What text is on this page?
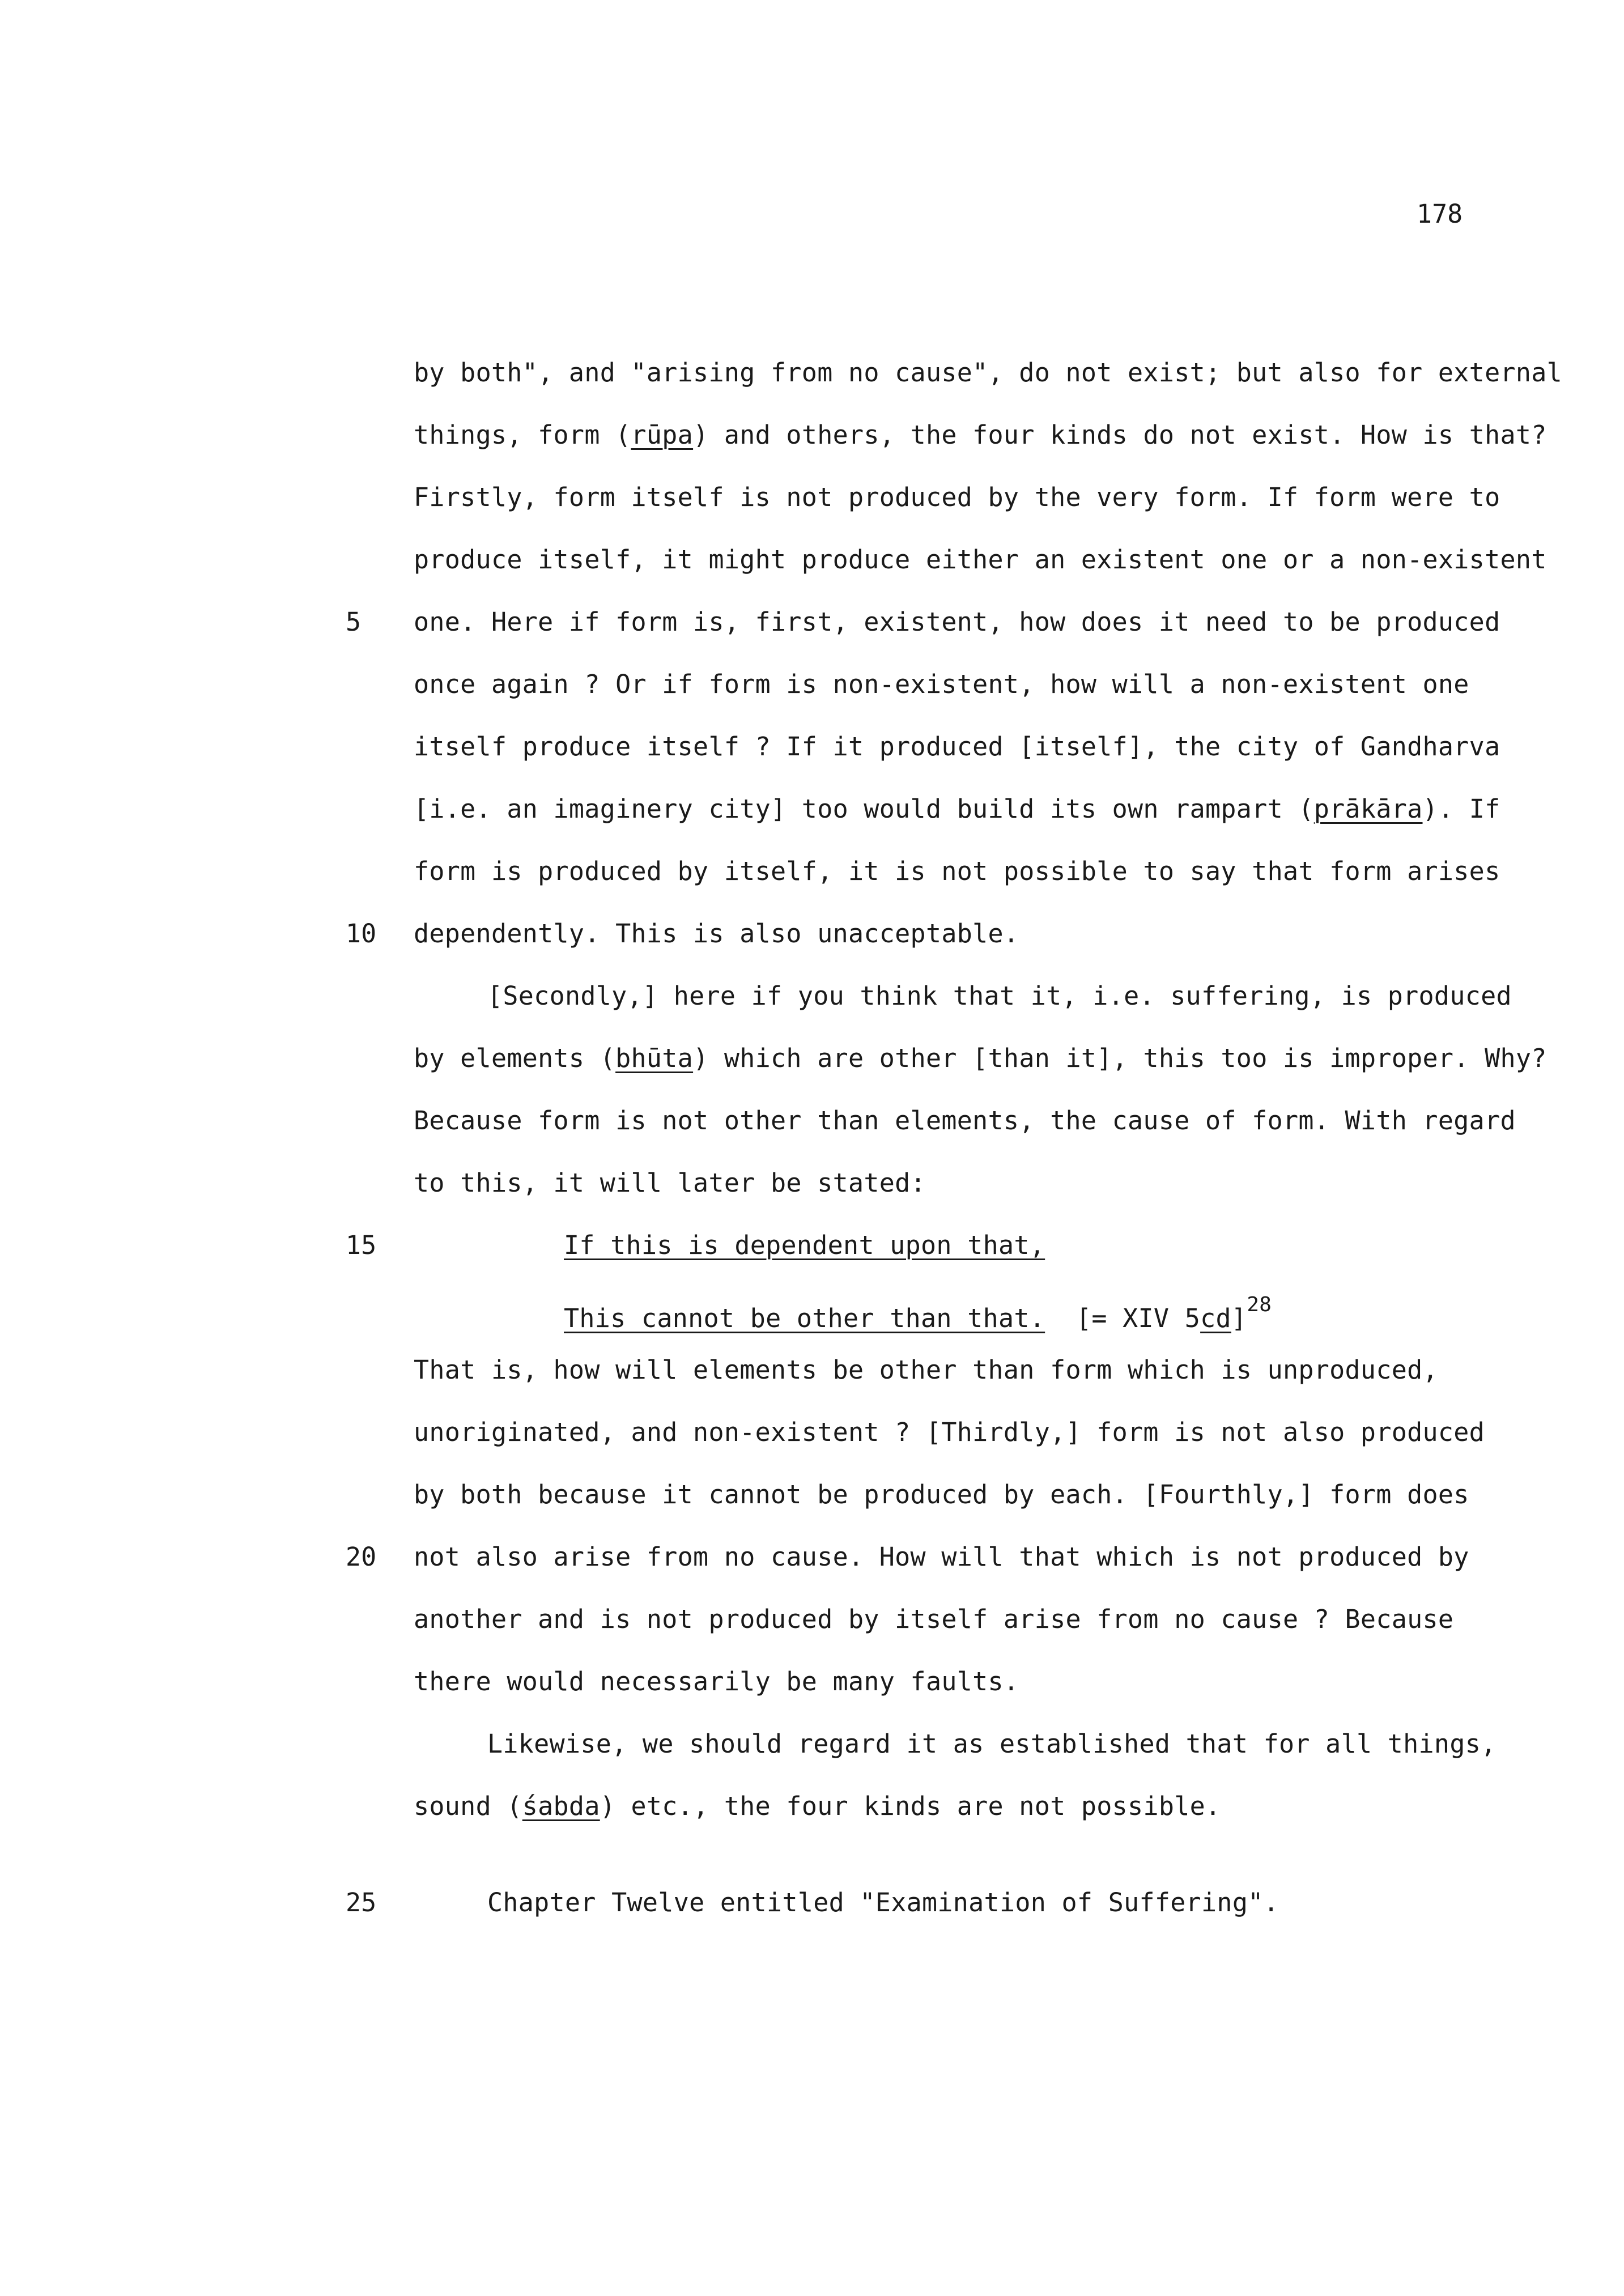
178
by both", and "arising from no cause", do not exist; but also for external
things, form (rūpa) and others, the four kinds do not exist. How is that?
Firstly, form itself is not produced by the very form. If form were to
produce itself, it might produce either an existent one or a non-existent
5 one. Here if form is, first, existent, how does it need to be produced
once again ? Or if form is non-existent, how will a non-existent one
itself produce itself ? If it produced [itself], the city of Gandharva
[i.e. an imaginery city] too would build its own rampart (prākāra). If
form is produced by itself, it is not possible to say that form arises
10 dependently. This is also unacceptable.
[Secondly,] here if you think that it, i.e. suffering, is produced
by elements (bhūta) which are other [than it], this too is improper. Why?
Because form is not other than elements, the cause of form. With regard
to this, it will later be stated:
15	If this is dependent upon that,
This cannot be other than that. [= XIV 5cd]$^{28}$
That is, how will elements be other than form which is unproduced,
unoriginated, and non-existent ? [Thirdly,] form is not also produced
by both because it cannot be produced by each. [Fourthly,] form does
20 not also arise from no cause. How will that which is not produced by
another and is not produced by itself arise from no cause ? Because
there would necessarily be many faults.
Likewise, we should regard it as established that for all things,
sound (śabda) etc., the four kinds are not possible.
25	Chapter Twelve entitled "Examination of Suffering".
